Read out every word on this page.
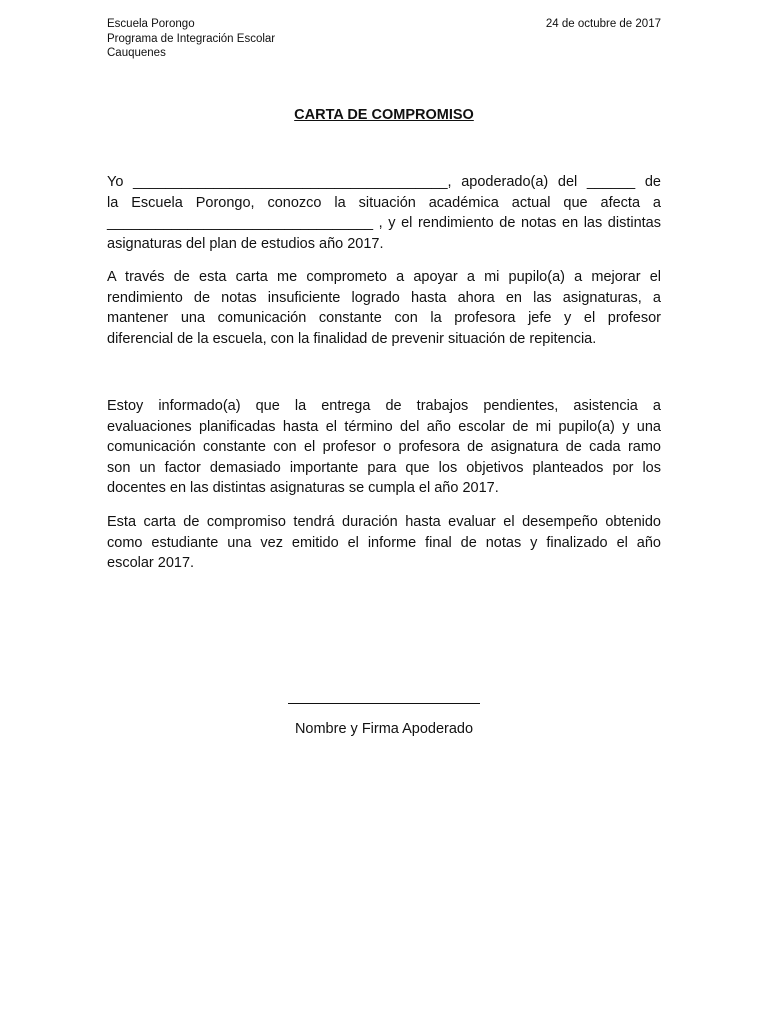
Escuela Porongo
Programa de Integración Escolar
Cauquenes
24 de octubre de 2017
CARTA DE COMPROMISO
Yo _______________________________________, apoderado(a) del ______ de
la Escuela Porongo, conozco la situación académica actual que afecta a
_________________________________ , y el rendimiento de notas en las distintas
asignaturas del plan de estudios año 2017.
A través de esta carta me comprometo a apoyar a mi pupilo(a) a mejorar el
rendimiento de notas insuficiente logrado hasta ahora en las asignaturas, a
mantener una comunicación constante con la profesora jefe y el profesor
diferencial de la escuela, con la finalidad de prevenir situación de repitencia.
Estoy informado(a) que la entrega de trabajos pendientes, asistencia a
evaluaciones planificadas hasta el término del año escolar de mi pupilo(a) y una
comunicación constante con el profesor o profesora de asignatura de cada ramo
son un factor demasiado importante para que los objetivos planteados por los
docentes en las distintas asignaturas se cumpla el año 2017.
Esta carta de compromiso tendrá duración hasta evaluar el desempeño obtenido
como estudiante una vez emitido el informe final de notas y finalizado el año
escolar 2017.
Nombre y Firma Apoderado
